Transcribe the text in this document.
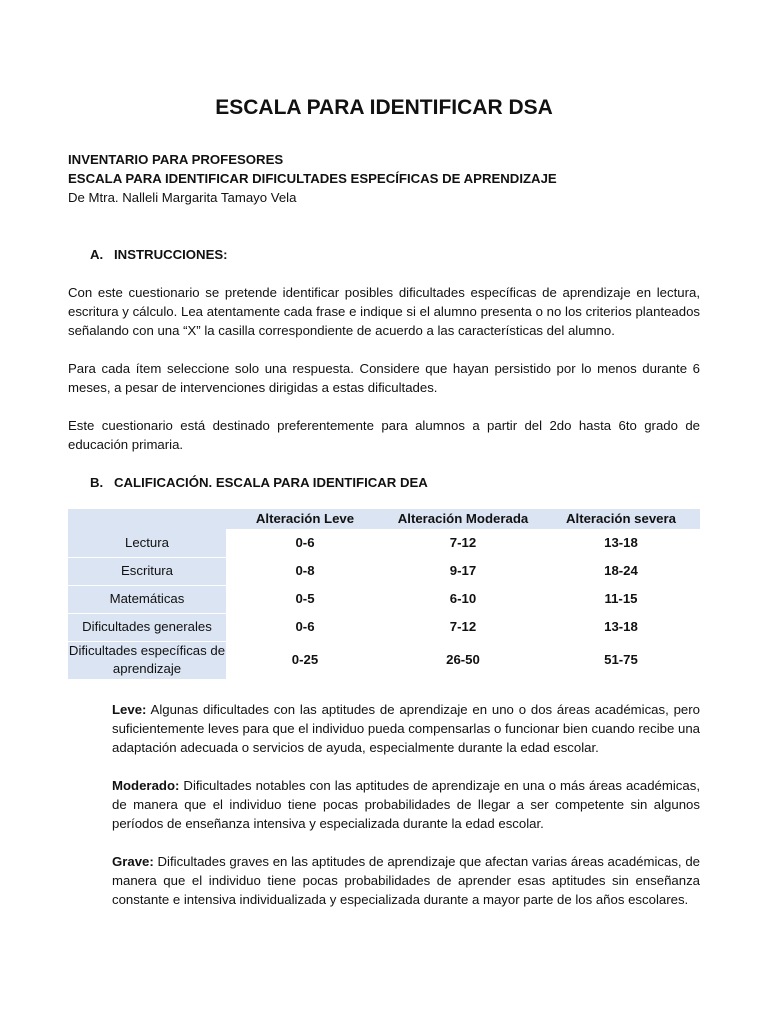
ESCALA PARA IDENTIFICAR DSA
INVENTARIO PARA PROFESORES
ESCALA PARA IDENTIFICAR DIFICULTADES ESPECÍFICAS DE APRENDIZAJE
De Mtra. Nalleli Margarita Tamayo Vela
A. INSTRUCCIONES:

Con este cuestionario se pretende identificar posibles dificultades específicas de aprendizaje en lectura, escritura y cálculo. Lea atentamente cada frase e indique si el alumno presenta o no los criterios planteados señalando con una “X” la casilla correspondiente de acuerdo a las características del alumno.

Para cada ítem seleccione solo una respuesta. Considere que hayan persistido por lo menos durante 6 meses, a pesar de intervenciones dirigidas a estas dificultades.

Este cuestionario está destinado preferentemente para alumnos a partir del 2do hasta 6to grado de educación primaria.

B. CALIFICACIÓN. ESCALA PARA IDENTIFICAR DEA
	Alteración Leve	Alteración Moderada	Alteración severa
Lectura	0-6	7-12	13-18
Escritura	0-8	9-17	18-24
Matemáticas	0-5	6-10	11-15
Dificultades generales	0-6	7-12	13-18
Dificultades específicas de aprendizaje	0-25	26-50	51-75

Leve: Algunas dificultades con las aptitudes de aprendizaje en uno o dos áreas académicas, pero suficientemente leves para que el individuo pueda compensarlas o funcionar bien cuando recibe una adaptación adecuada o servicios de ayuda, especialmente durante la edad escolar.

Moderado: Dificultades notables con las aptitudes de aprendizaje en una o más áreas académicas, de manera que el individuo tiene pocas probabilidades de llegar a ser competente sin algunos períodos de enseñanza intensiva y especializada durante la edad escolar.

Grave: Dificultades graves en las aptitudes de aprendizaje que afectan varias áreas académicas, de manera que el individuo tiene pocas probabilidades de aprender esas aptitudes sin enseñanza constante e intensiva individualizada y especializada durante a mayor parte de los años escolares.
